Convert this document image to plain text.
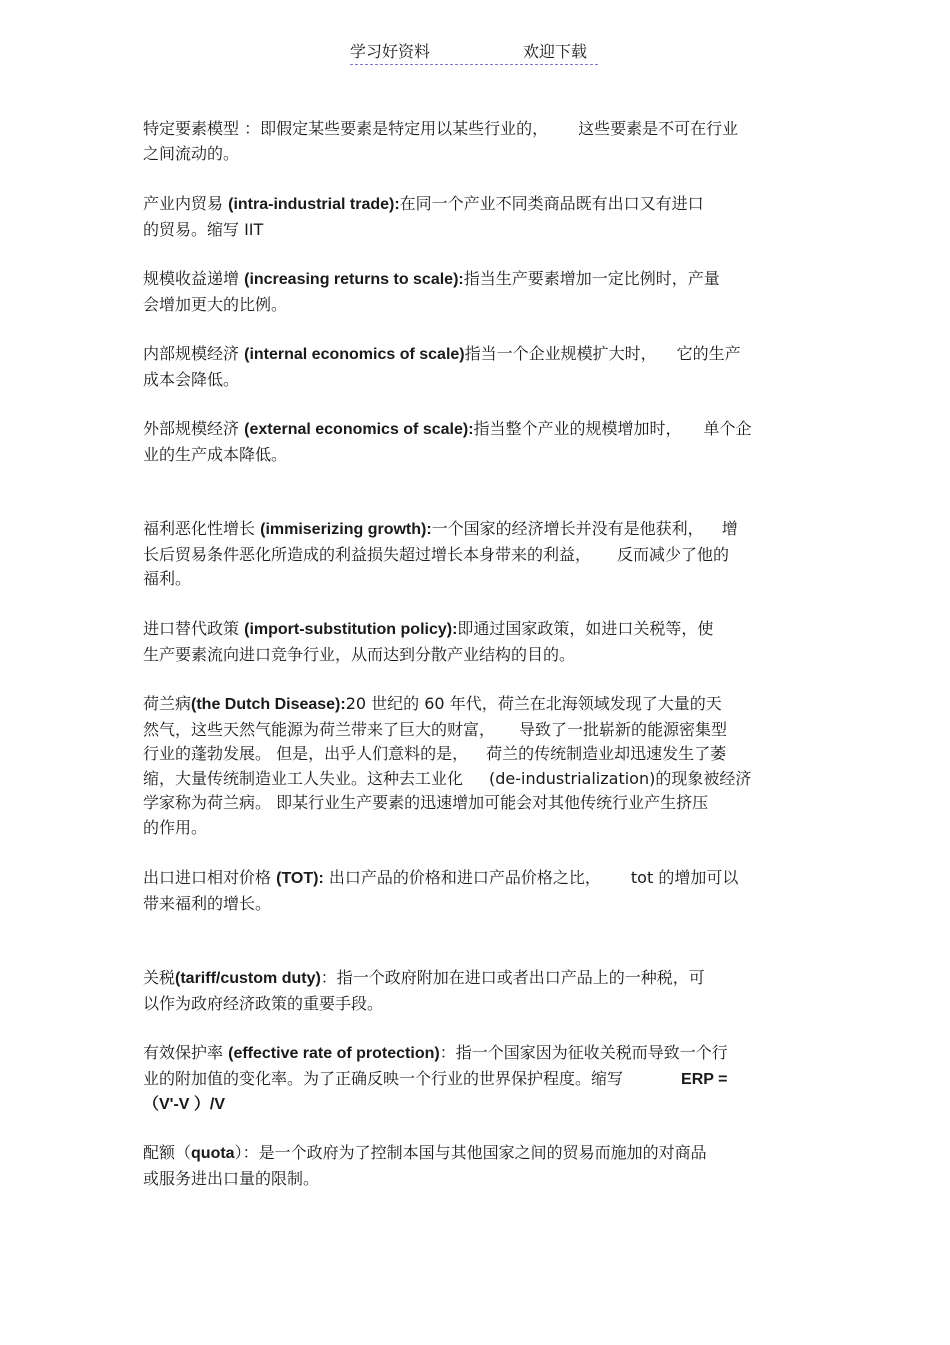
学习好资料	欢迎下载
特定要素模型 ：即假定某些要素是特定用以某些行业的， 这些要素是不可在行业
之间流动的。
产业内贸易 (intra-industrial trade):在同一个产业不同类商品既有出口又有进口
的贸易。缩写 IIT
规模收益递增 (increasing returns to scale):指当生产要素增加一定比例时，产量
会增加更大的比例。
内部规模经济 (internal economics of scale)指当一个企业规模扩大时， 它的生产
成本会降低。
外部规模经济 (external economics of scale):指当整个产业的规模增加时， 单个企
业的生产成本降低。
福利恶化性增长 (immiserizing growth):一个国家的经济增长并没有是他获利， 增
长后贸易条件恶化所造成的利益损失超过增长本身带来的利益， 反而减少了他的
福利。
进口替代政策 (import-substitution policy):即通过国家政策，如进口关税等，使
生产要素流向进口竞争行业，从而达到分散产业结构的目的。
荷兰病(the Dutch Disease):20 世纪的 60 年代，荷兰在北海领域发现了大量的天
然气，这些天然气能源为荷兰带来了巨大的财富， 导致了一批崭新的能源密集型
行业的蓬勃发展。 但是，出乎人们意料的是， 荷兰的传统制造业却迅速发生了萎
缩，大量传统制造业工人失业。这种去工业化 (de-industrialization)的现象被经济
学家称为荷兰病。 即某行业生产要素的迅速增加可能会对其他传统行业产生挤压
的作用。
出口进口相对价格 (TOT): 出口产品的价格和进口产品价格之比， tot 的增加可以
带来福利的增长。
关税(tariff/custom duty)：指一个政府附加在进口或者出口产品上的一种税，可
以作为政府经济政策的重要手段。
有效保护率 (effective rate of protection)：指一个国家因为征收关税而导致一个行
业的附加值的变化率。为了正确反映一个行业的世界保护程度。缩写	ERP =
（V'-V ）/V
配额（quota）：是一个政府为了控制本国与其他国家之间的贸易而施加的对商品
或服务进出口量的限制。
